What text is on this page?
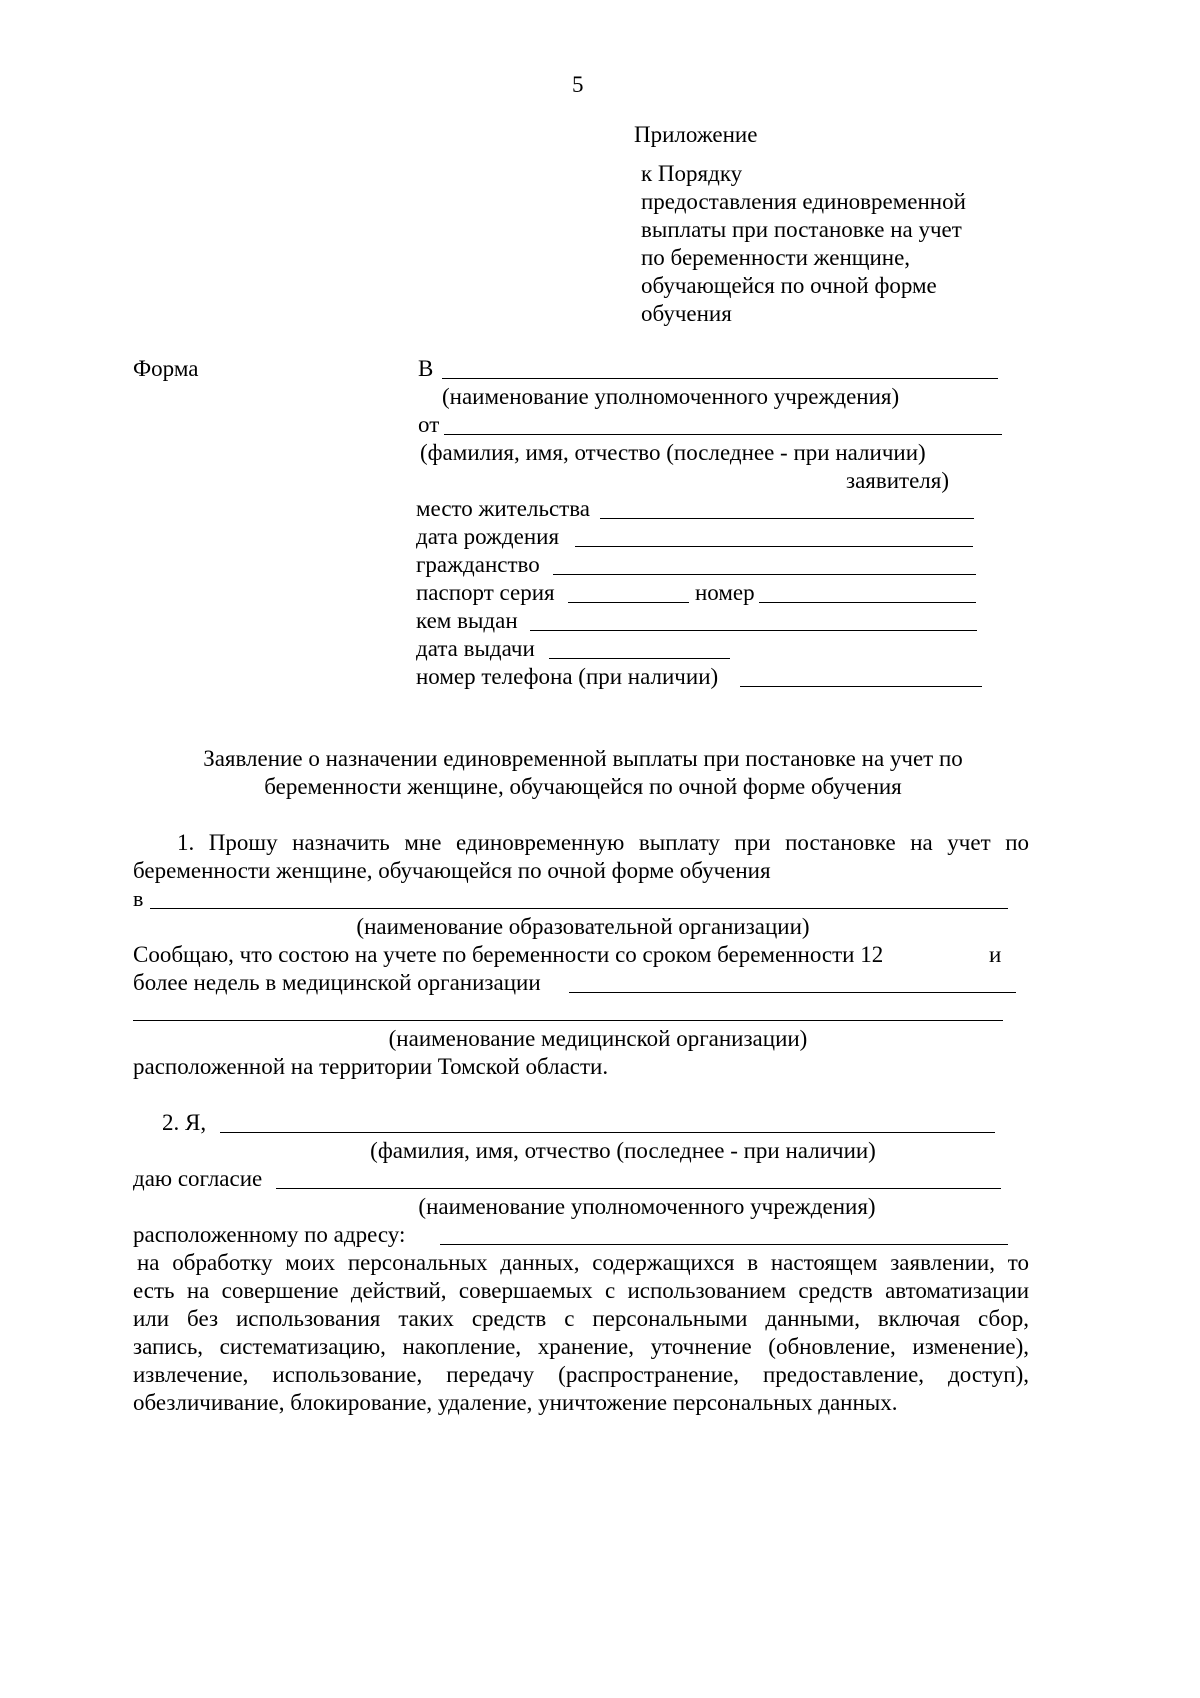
5
Приложение
к Порядку
предоставления единовременной
выплаты при постановке на учет
по беременности женщине,
обучающейся по очной форме
обучения
Форма	В
(наименование уполномоченного учреждения)
от
(фамилия, имя, отчество (последнее - при наличии)
заявителя)
место жительства
дата рождения
гражданство
паспорт серия	номер
кем выдан
дата выдачи
номер телефона (при наличии)
Заявление о назначении единовременной выплаты при постановке на учет по
беременности женщине, обучающейся по очной форме обучения
1. Прошу назначить мне единовременную выплату при постановке на учет по
беременности женщине, обучающейся по очной форме обучения
в
(наименование образовательной организации)
Сообщаю, что состою на учете по беременности со сроком беременности 12	и
более недель в медицинской организации
(наименование медицинской организации)
расположенной на территории Томской области.
2. Я,
(фамилия, имя, отчество (последнее - при наличии)
даю согласие
(наименование уполномоченного учреждения)
расположенному по адресу:
на обработку моих персональных данных, содержащихся в настоящем заявлении, то
есть на совершение действий, совершаемых с использованием средств автоматизации
или без использования таких средств с персональными данными, включая сбор,
запись, систематизацию, накопление, хранение, уточнение (обновление, изменение),
извлечение, использование, передачу (распространение, предоставление, доступ),
обезличивание, блокирование, удаление, уничтожение персональных данных.
